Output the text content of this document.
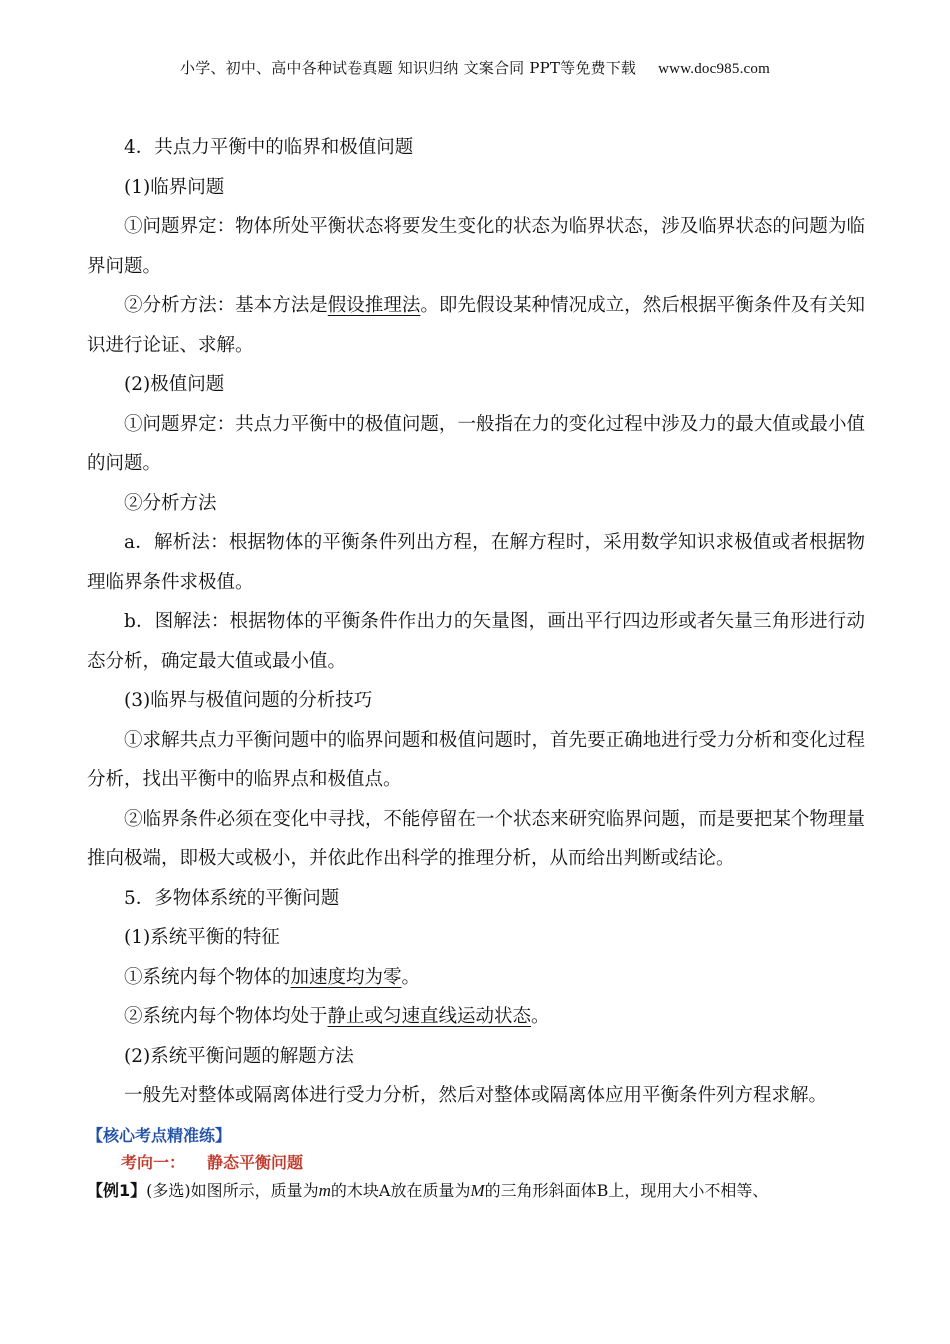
小学、初中、高中各种试卷真题 知识归纳 文案合同 PPT等免费下载 www.doc985.com

4．共点力平衡中的临界和极值问题

(1)临界问题

①问题界定：物体所处平衡状态将要发生变化的状态为临界状态，涉及临界状态的问题为临界问题。

②分析方法：基本方法是假设推理法。即先假设某种情况成立，然后根据平衡条件及有关知识进行论证、求解。

(2)极值问题

①问题界定：共点力平衡中的极值问题，一般指在力的变化过程中涉及力的最大值或最小值的问题。

②分析方法

a．解析法：根据物体的平衡条件列出方程，在解方程时，采用数学知识求极值或者根据物理临界条件求极值。

b．图解法：根据物体的平衡条件作出力的矢量图，画出平行四边形或者矢量三角形进行动态分析，确定最大值或最小值。

(3)临界与极值问题的分析技巧

①求解共点力平衡问题中的临界问题和极值问题时，首先要正确地进行受力分析和变化过程分析，找出平衡中的临界点和极值点。

②临界条件必须在变化中寻找，不能停留在一个状态来研究临界问题，而是要把某个物理量推向极端，即极大或极小，并依此作出科学的推理分析，从而给出判断或结论。

5．多物体系统的平衡问题

(1)系统平衡的特征

①系统内每个物体的加速度均为零。

②系统内每个物体均处于静止或匀速直线运动状态。

(2)系统平衡问题的解题方法

一般先对整体或隔离体进行受力分析，然后对整体或隔离体应用平衡条件列方程求解。

【核心考点精准练】
考向一： 静态平衡问题
【例1】(多选)如图所示，质量为m的木块A放在质量为M的三角形斜面体B上，现用大小不相等、
